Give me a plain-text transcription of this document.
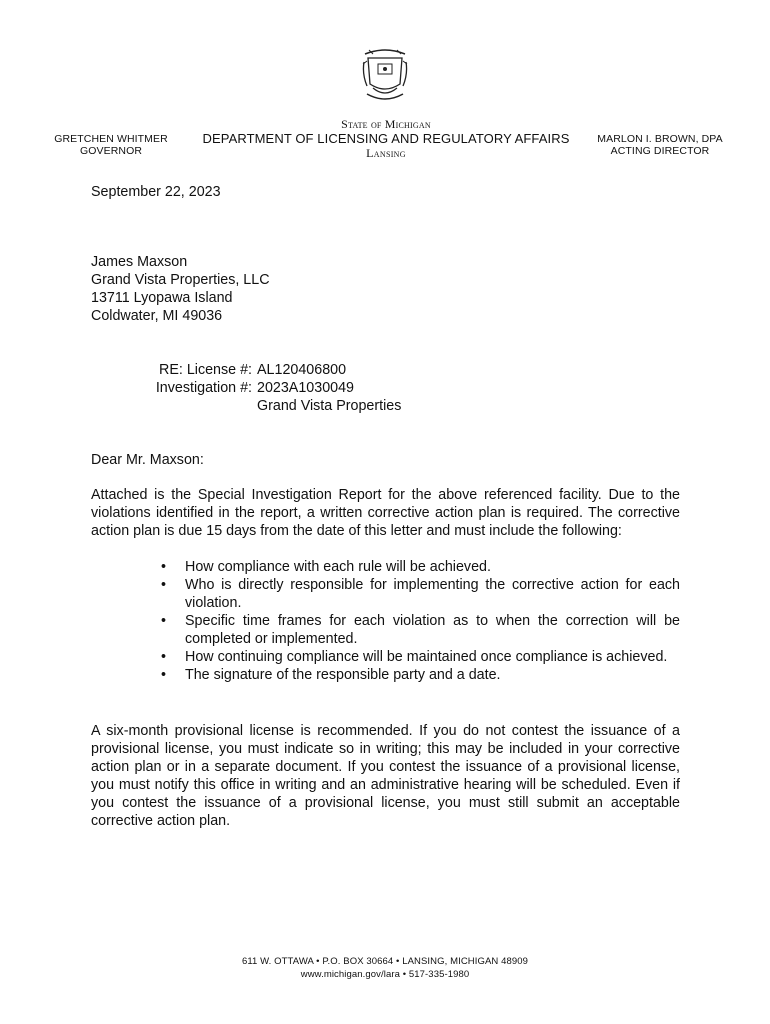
GRETCHEN WHITMER
GOVERNOR
State of Michigan
DEPARTMENT OF LICENSING AND REGULATORY AFFAIRS
Lansing
MARLON I. BROWN, DPA
ACTING DIRECTOR
September 22, 2023
James Maxson
Grand Vista Properties, LLC
13711 Lyopawa Island
Coldwater, MI 49036
RE: License #: AL120406800
Investigation #: 2023A1030049
Grand Vista Properties
Dear Mr. Maxson:
Attached is the Special Investigation Report for the above referenced facility. Due to the violations identified in the report, a written corrective action plan is required. The corrective action plan is due 15 days from the date of this letter and must include the following:
• How compliance with each rule will be achieved.
• Who is directly responsible for implementing the corrective action for each violation.
• Specific time frames for each violation as to when the correction will be completed or implemented.
• How continuing compliance will be maintained once compliance is achieved.
• The signature of the responsible party and a date.
A six-month provisional license is recommended. If you do not contest the issuance of a provisional license, you must indicate so in writing; this may be included in your corrective action plan or in a separate document. If you contest the issuance of a provisional license, you must notify this office in writing and an administrative hearing will be scheduled. Even if you contest the issuance of a provisional license, you must still submit an acceptable corrective action plan.
611 W. OTTAWA • P.O. BOX 30664 • LANSING, MICHIGAN 48909
www.michigan.gov/lara • 517-335-1980
